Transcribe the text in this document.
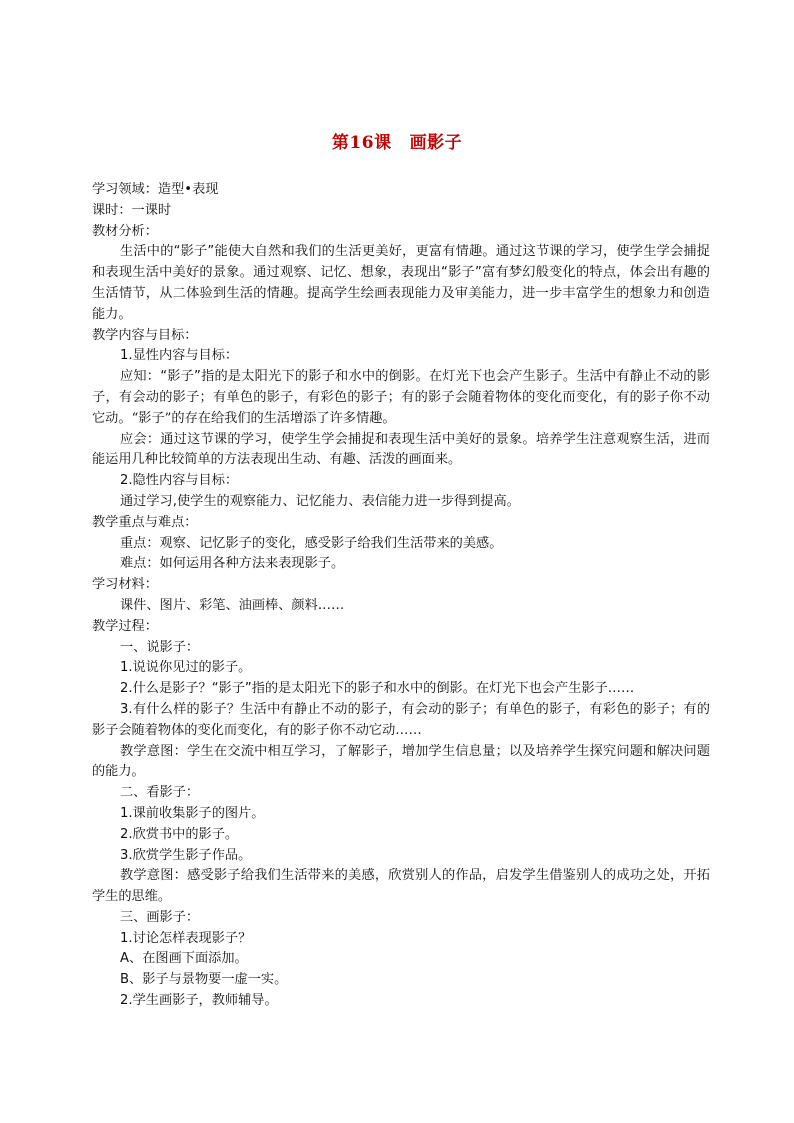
第16课 画影子

学习领域：造型•表现

课时：一课时

教材分析：

生活中的“影子”能使大自然和我们的生活更美好，更富有情趣。通过这节课的学习，使学生学会捕捉和表现生活中美好的景象。通过观察、记忆、想象，表现出“影子”富有梦幻般变化的特点，体会出有趣的生活情节，从二体验到生活的情趣。提高学生绘画表现能力及审美能力，进一步丰富学生的想象力和创造能力。

教学内容与目标：

1.显性内容与目标：

应知：“影子”指的是太阳光下的影子和水中的倒影。在灯光下也会产生影子。生活中有静止不动的影子，有会动的影子；有单色的影子，有彩色的影子；有的影子会随着物体的变化而变化，有的影子你不动它动。“影子”的存在给我们的生活增添了许多情趣。

应会：通过这节课的学习，使学生学会捕捉和表现生活中美好的景象。培养学生注意观察生活，进而能运用几种比较简单的方法表现出生动、有趣、活泼的画面来。

2.隐性内容与目标：

通过学习,使学生的观察能力、记忆能力、表信能力进一步得到提高。

教学重点与难点：

重点：观察、记忆影子的变化，感受影子给我们生活带来的美感。

难点：如何运用各种方法来表现影子。

学习材料：

课件、图片、彩笔、油画棒、颜料……

教学过程：

一、说影子：

1.说说你见过的影子。

2.什么是影子？“影子”指的是太阳光下的影子和水中的倒影。在灯光下也会产生影子……

3.有什么样的影子？生活中有静止不动的影子，有会动的影子；有单色的影子，有彩色的影子；有的影子会随着物体的变化而变化，有的影子你不动它动……

教学意图：学生在交流中相互学习，了解影子，增加学生信息量；以及培养学生探究问题和解决问题的能力。

二、看影子：

1.课前收集影子的图片。

2.欣赏书中的影子。

3.欣赏学生影子作品。

教学意图：感受影子给我们生活带来的美感，欣赏别人的作品，启发学生借鉴别人的成功之处，开拓学生的思维。

三、画影子：

1.讨论怎样表现影子？

A、在图画下面添加。

B、影子与景物要一虚一实。

2.学生画影子，教师辅导。
